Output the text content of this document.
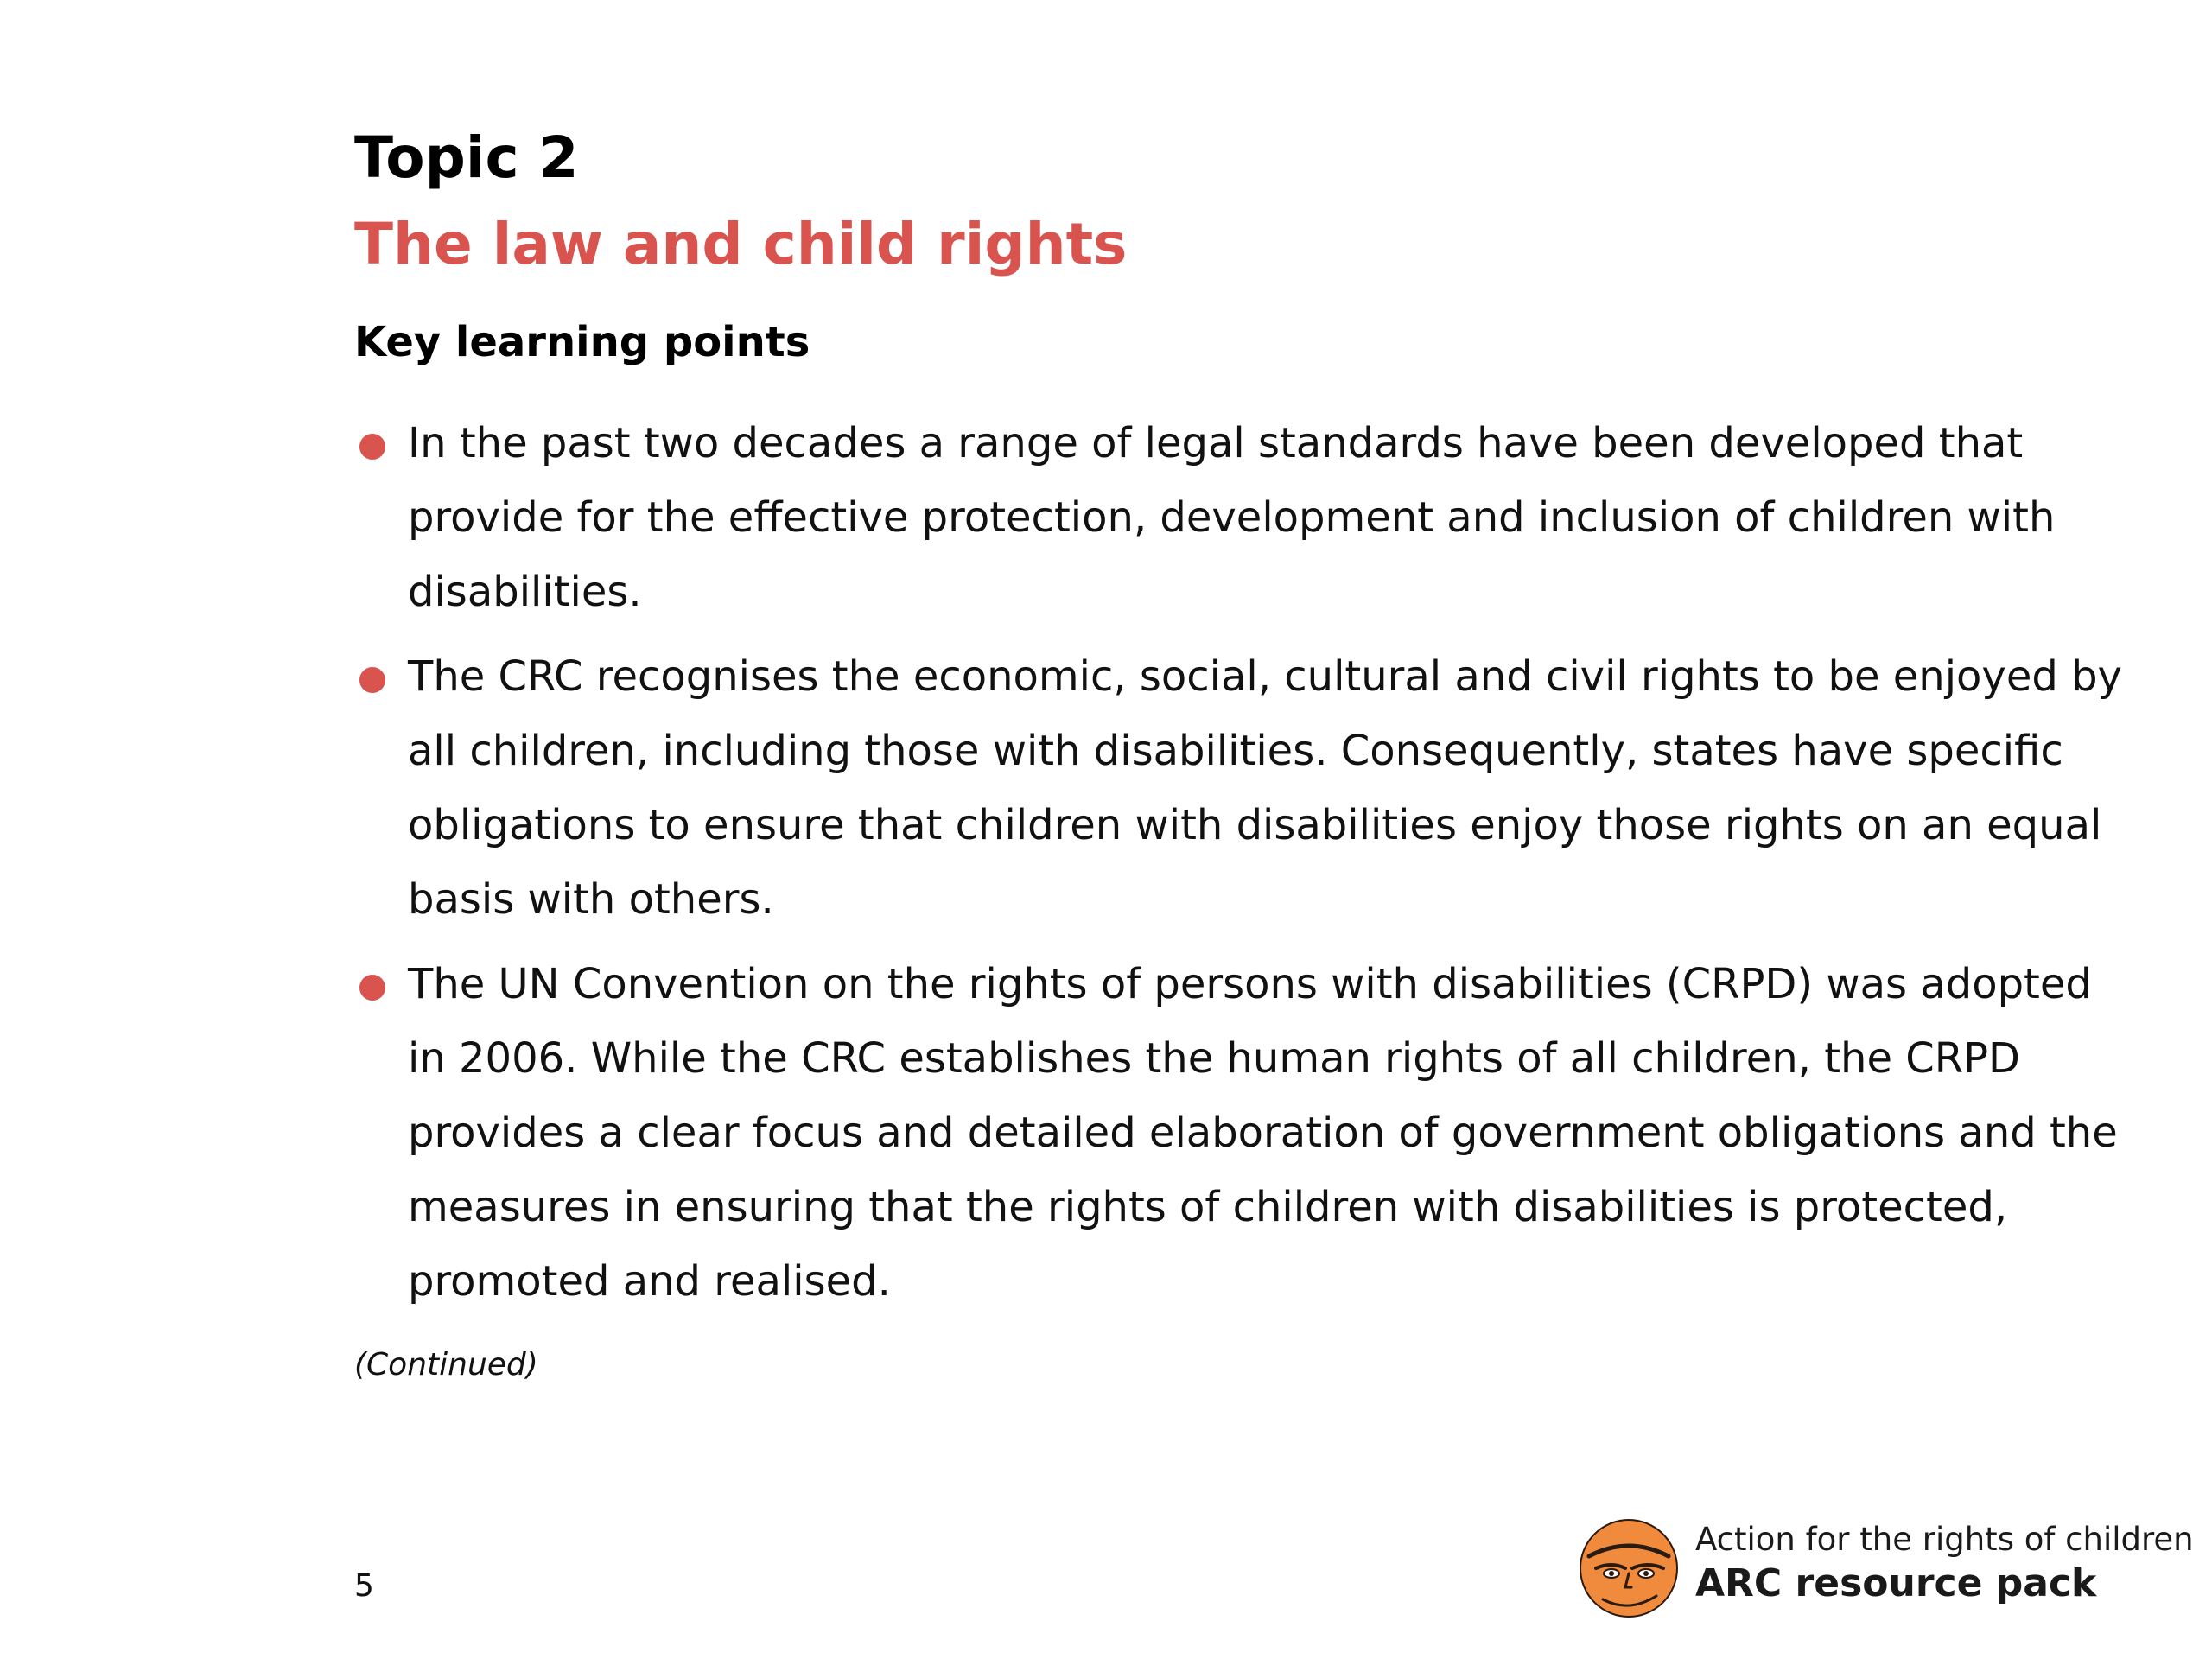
Topic 2
The law and child rights
Key learning points
In the past two decades a range of legal standards have been developed that provide for the effective protection, development and inclusion of children with disabilities.
The CRC recognises the economic, social, cultural and civil rights to be enjoyed by all children, including those with disabilities. Consequently, states have specific obligations to ensure that children with disabilities enjoy those rights on an equal basis with others.
The UN Convention on the rights of persons with disabilities (CRPD) was adopted in 2006. While the CRC establishes the human rights of all children, the CRPD provides a clear focus and detailed elaboration of government obligations and the measures in ensuring that the rights of children with disabilities is protected, promoted and realised.
(Continued)
5
Action for the rights of children
ARC resource pack
